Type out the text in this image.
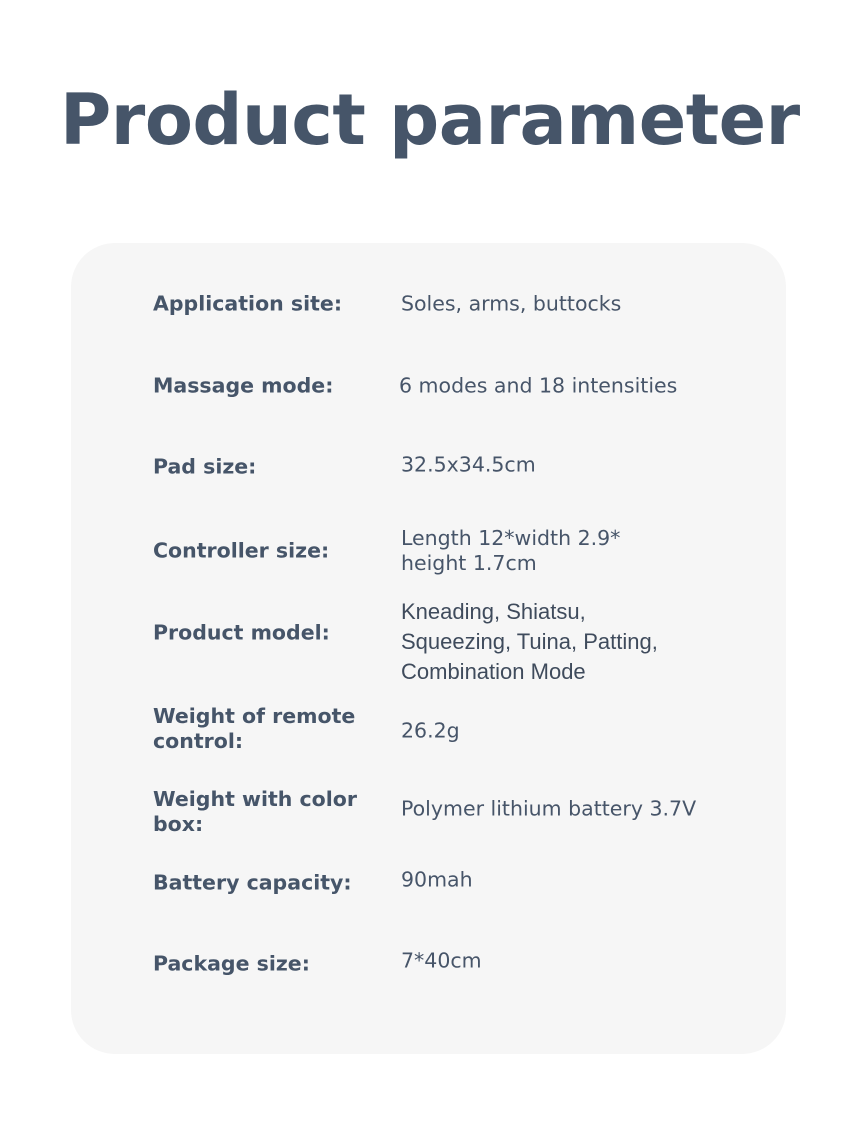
Product parameter
Application site:	Soles, arms, buttocks
Massage mode:	6 modes and 18 intensities
Pad size:	32.5x34.5cm
Controller size:
Length 12*width 2.9* height 1.7cm
Product model:
Kneading, Shiatsu, Squeezing, Tuina, Patting, Combination Mode
Weight of remote control:	26.2g
Weight with color box:
Polymer lithium battery 3.7V
Battery capacity:	90mah
Package size:	7*40cm
